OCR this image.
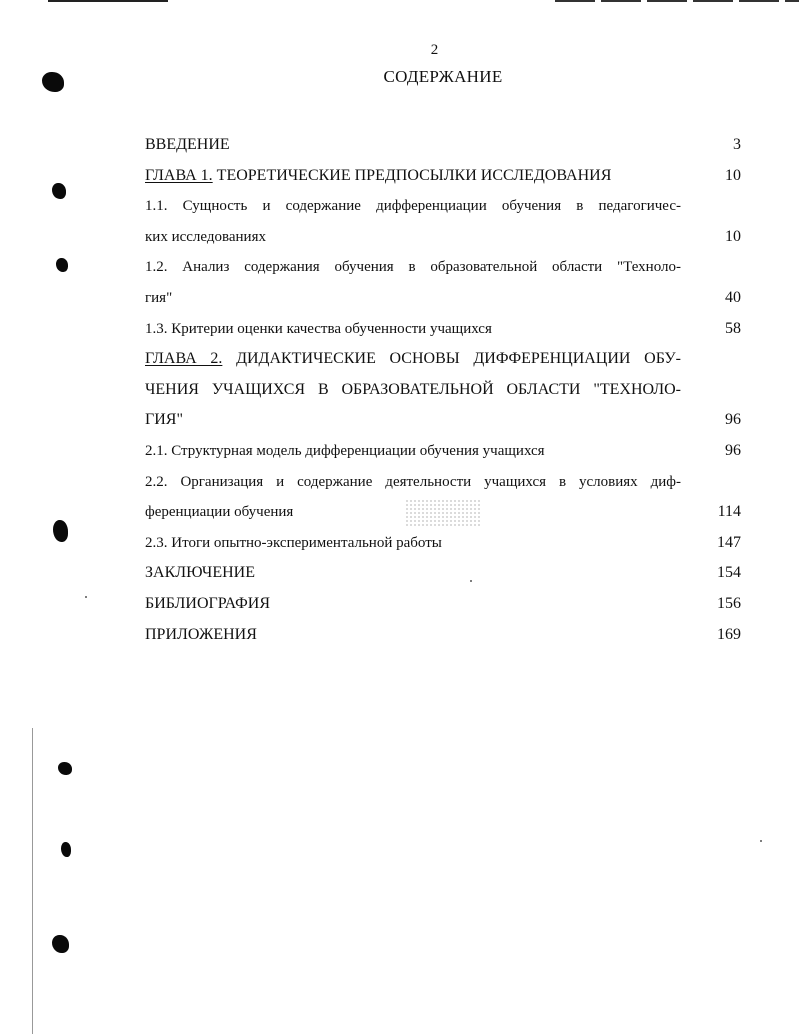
2
СОДЕРЖАНИЕ
ВВЕДЕНИЕ	3
ГЛАВА 1. ТЕОРЕТИЧЕСКИЕ ПРЕДПОСЫЛКИ ИССЛЕДОВАНИЯ	10
1.1. Сущность и содержание дифференциации обучения в педагогичес-
ких исследованиях	10
1.2. Анализ содержания обучения в образовательной области "Техноло-
гия"	40
1.3. Критерии оценки качества обученности учащихся	58
ГЛАВА 2. ДИДАКТИЧЕСКИЕ ОСНОВЫ ДИФФЕРЕНЦИАЦИИ ОБУ-
ЧЕНИЯ УЧАЩИХСЯ В ОБРАЗОВАТЕЛЬНОЙ ОБЛАСТИ "ТЕХНОЛО-
ГИЯ"	96
2.1. Структурная модель дифференциации обучения учащихся	96
2.2. Организация и содержание деятельности учащихся в условиях диф-
ференциации обучения	114
2.3. Итоги опытно-экспериментальной работы	147
ЗАКЛЮЧЕНИЕ	154
БИБЛИОГРАФИЯ	156
ПРИЛОЖЕНИЯ	169
